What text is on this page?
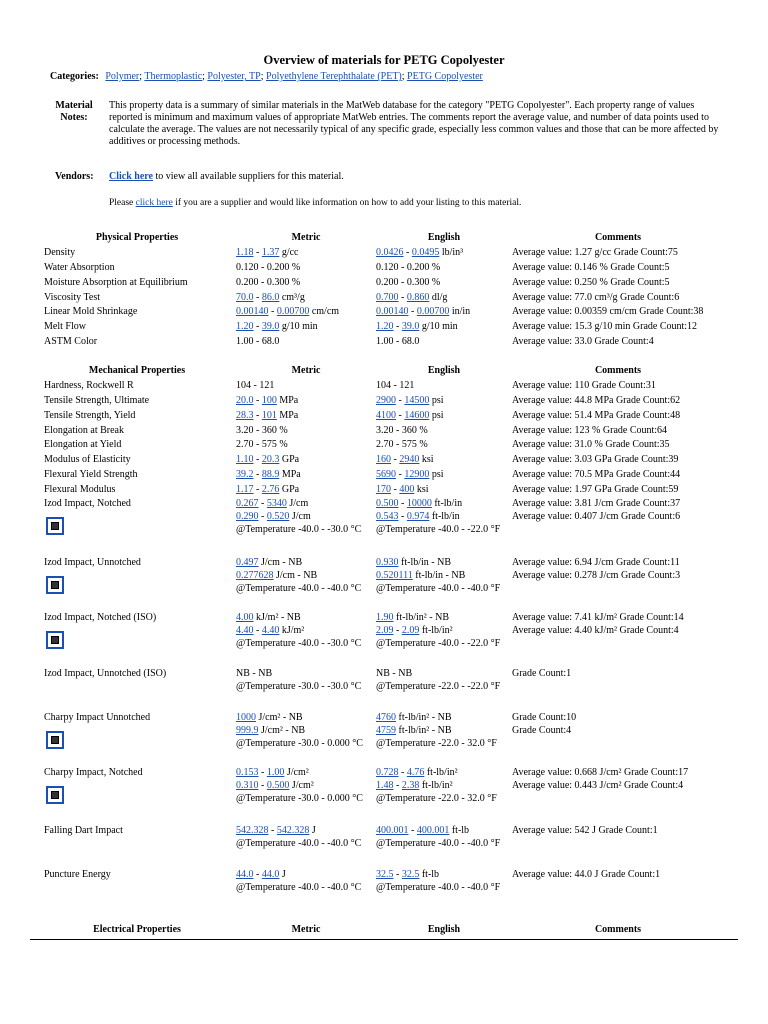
Overview of materials for PETG Copolyester
Categories: Polymer; Thermoplastic; Polyester, TP; Polyethylene Terephthalate (PET); PETG Copolyester
Material Notes:
This property data is a summary of similar materials in the MatWeb database for the category "PETG Copolyester". Each property range of values reported is minimum and maximum values of appropriate MatWeb entries. The comments report the average value, and number of data points used to calculate the average. The values are not necessarily typical of any specific grade, especially less common values and those that can be more affected by additives or processing methods.
Vendors: Click here to view all available suppliers for this material.
Please click here if you are a supplier and would like information on how to add your listing to this material.
Physical Properties	Metric	English	Comments
Density	1.18 - 1.37 g/cc	0.0426 - 0.0495 lb/in³	Average value: 1.27 g/cc Grade Count:75
Water Absorption	0.120 - 0.200 %	0.120 - 0.200 %	Average value: 0.146 % Grade Count:5
Moisture Absorption at Equilibrium	0.200 - 0.300 %	0.200 - 0.300 %	Average value: 0.250 % Grade Count:5
Viscosity Test	70.0 - 86.0 cm³/g	0.700 - 0.860 dl/g	Average value: 77.0 cm³/g Grade Count:6
Linear Mold Shrinkage	0.00140 - 0.00700 cm/cm	0.00140 - 0.00700 in/in	Average value: 0.00359 cm/cm Grade Count:38
Melt Flow	1.20 - 39.0 g/10 min	1.20 - 39.0 g/10 min	Average value: 15.3 g/10 min Grade Count:12
ASTM Color	1.00 - 68.0	1.00 - 68.0	Average value: 33.0 Grade Count:4
Mechanical Properties	Metric	English	Comments
Hardness, Rockwell R	104 - 121	104 - 121	Average value: 110 Grade Count:31
Tensile Strength, Ultimate	20.0 - 100 MPa	2900 - 14500 psi	Average value: 44.8 MPa Grade Count:62
Tensile Strength, Yield	28.3 - 101 MPa	4100 - 14600 psi	Average value: 51.4 MPa Grade Count:48
Elongation at Break	3.20 - 360 %	3.20 - 360 %	Average value: 123 % Grade Count:64
Elongation at Yield	2.70 - 575 %	2.70 - 575 %	Average value: 31.0 % Grade Count:35
Modulus of Elasticity	1.10 - 20.3 GPa	160 - 2940 ksi	Average value: 3.03 GPa Grade Count:39
Flexural Yield Strength	39.2 - 88.9 MPa	5690 - 12900 psi	Average value: 70.5 MPa Grade Count:44
Flexural Modulus	1.17 - 2.76 GPa	170 - 400 ksi	Average value: 1.97 GPa Grade Count:59
Izod Impact, Notched	0.267 - 5340 J/cm	0.500 - 10000 ft-lb/in	Average value: 3.81 J/cm Grade Count:37
0.290 - 0.520 J/cm	0.543 - 0.974 ft-lb/in	Average value: 0.407 J/cm Grade Count:6
@Temperature -40.0 - -30.0 °C	@Temperature -40.0 - -22.0 °F
Izod Impact, Unnotched	0.497 J/cm - NB	0.930 ft-lb/in - NB	Average value: 6.94 J/cm Grade Count:11
0.277628 J/cm - NB	0.520111 ft-lb/in - NB	Average value: 0.278 J/cm Grade Count:3
@Temperature -40.0 - -40.0 °C	@Temperature -40.0 - -40.0 °F
Izod Impact, Notched (ISO)	4.00 kJ/m² - NB	1.90 ft-lb/in² - NB	Average value: 7.41 kJ/m² Grade Count:14
4.40 - 4.40 kJ/m²	2.09 - 2.09 ft-lb/in²	Average value: 4.40 kJ/m² Grade Count:4
@Temperature -40.0 - -30.0 °C	@Temperature -40.0 - -22.0 °F
Izod Impact, Unnotched (ISO)	NB - NB	NB - NB	Grade Count:1
@Temperature -30.0 - -30.0 °C	@Temperature -22.0 - -22.0 °F
Charpy Impact Unnotched	1000 J/cm² - NB	4760 ft-lb/in² - NB	Grade Count:10
999.9 J/cm² - NB	4759 ft-lb/in² - NB	Grade Count:4
@Temperature -30.0 - 0.000 °C	@Temperature -22.0 - 32.0 °F
Charpy Impact, Notched	0.153 - 1.00 J/cm²	0.728 - 4.76 ft-lb/in²	Average value: 0.668 J/cm² Grade Count:17
0.310 - 0.500 J/cm²	1.48 - 2.38 ft-lb/in²	Average value: 0.443 J/cm² Grade Count:4
@Temperature -30.0 - 0.000 °C	@Temperature -22.0 - 32.0 °F
Falling Dart Impact	542.328 - 542.328 J	400.001 - 400.001 ft-lb	Average value: 542 J Grade Count:1
@Temperature -40.0 - -40.0 °C	@Temperature -40.0 - -40.0 °F
Puncture Energy	44.0 - 44.0 J	32.5 - 32.5 ft-lb	Average value: 44.0 J Grade Count:1
@Temperature -40.0 - -40.0 °C	@Temperature -40.0 - -40.0 °F
Electrical Properties	Metric	English	Comments
